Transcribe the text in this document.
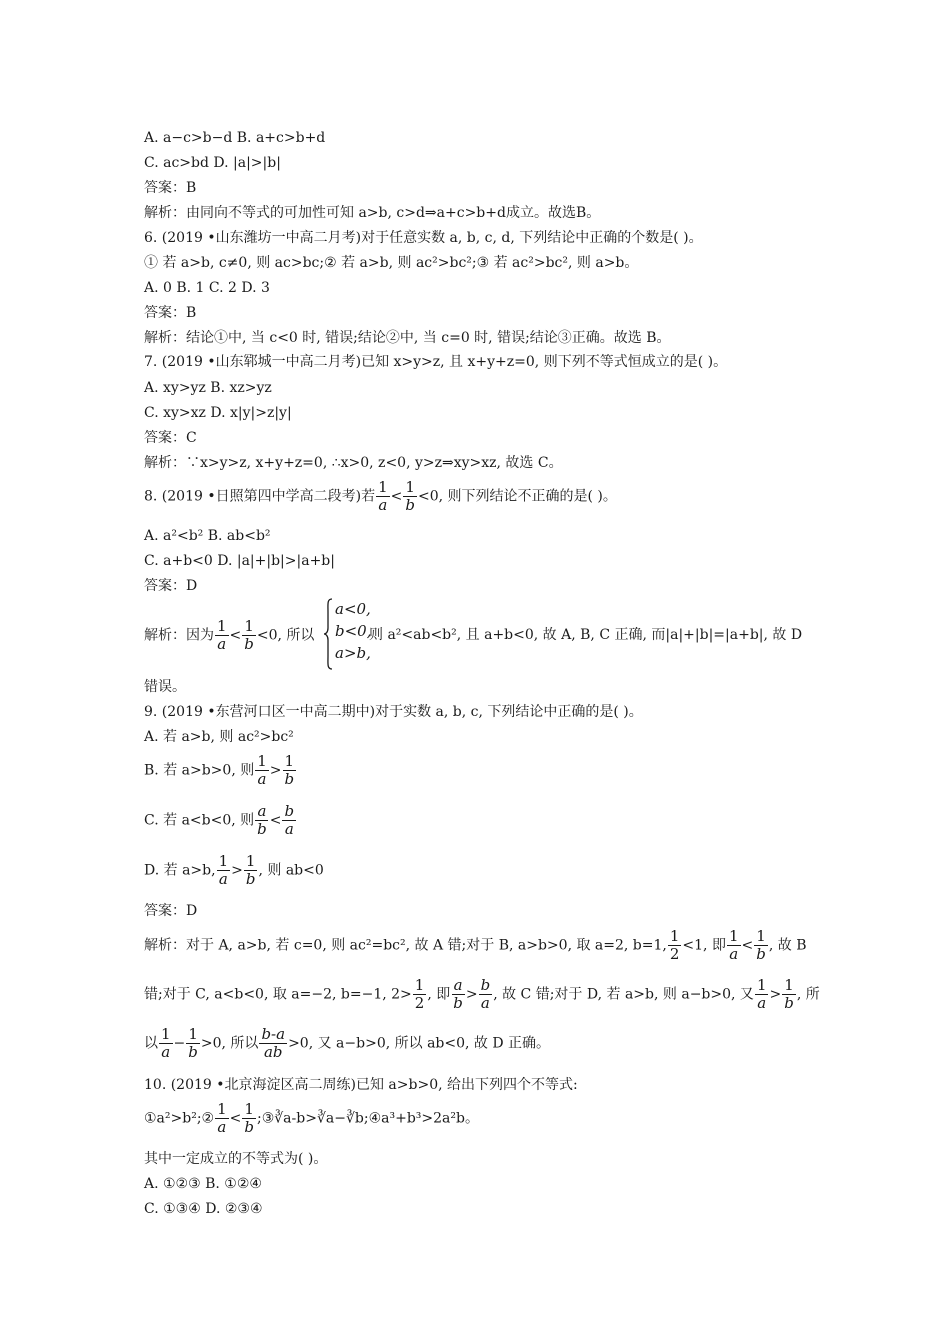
A. a−c>b−d B. a+c>b+d
C. ac>bd D. |a|>|b|
答案：B
解析：由同向不等式的可加性可知 a>b, c>d⇒a+c>b+d成立。故选B。
6. (2019 •山东潍坊一中高二月考)对于任意实数 a, b, c, d, 下列结论中正确的个数是( )。
① 若 a>b, c≠0, 则 ac>bc;② 若 a>b, 则 ac²>bc²;③ 若 ac²>bc², 则 a>b。
A. 0 B. 1 C. 2 D. 3
答案：B
解析：结论①中, 当 c<0 时, 错误;结论②中, 当 c=0 时, 错误;结论③正确。故选 B。
7. (2019 •山东郓城一中高二月考)已知 x>y>z, 且 x+y+z=0, 则下列不等式恒成立的是( )。
A. xy>yz B. xz>yz
C. xy>xz D. x|y|>z|y|
答案：C
解析：∵x>y>z, x+y+z=0, ∴x>0, z<0, y>z⇒xy>xz, 故选 C。
8. (2019 •日照第四中学高二段考)若 $\frac{1}{a} < \frac{1}{b} <0$, 则下列结论不正确的是( )。
A. a²<b² B. ab<b²
C. a+b<0 D. |a|+|b|>|a+b|
答案：D
解析：因为 $\frac{1}{a} < \frac{1}{b} <0$, 所以
a<0,
b<0,
a>b,
则 a²<ab<b², 且 a+b<0, 故 A, B, C 正确, 而|a|+|b|=|a+b|, 故 D
错误。
9. (2019 •东营河口区一中高二期中)对于实数 a, b, c, 下列结论中正确的是( )。
A. 若 a>b, 则 ac²>bc²
B. 若 a>b>0, 则 $\frac{1}{a} > \frac{1}{b}$
C. 若 a<b<0, 则 $\frac{a}{b} < \frac{b}{a}$
D. 若 a>b, $\frac{1}{a} > \frac{1}{b}$ , 则 ab<0
答案：D
解析：对于 A, a>b, 若 c=0, 则 ac²=bc², 故 A 错;对于 B, a>b>0, 取 a=2, b=1, $\frac{1}{2} <1$, 即 $\frac{1}{a} < \frac{1}{b}$ , 故 B
错;对于 C, a<b<0, 取 a=−2, b=−1, $2> \frac{1}{2}$ , 即 $\frac{a}{b} > \frac{b}{a}$ , 故 C 错;对于 D, 若 a>b, 则 a−b>0, 又 $\frac{1}{a} > \frac{1}{b}$ , 所
以 $\frac{1}{a} - \frac{1}{b} >0$, 所以 $\frac{b-a}{ab} >0$, 又 a−b>0, 所以 ab<0, 故 D 正确。
10. (2019 •北京海淀区高二周练)已知 a>b>0, 给出下列四个不等式:
①a²>b²;② $\frac{1}{a} < \frac{1}{b}$ ;③∛a-b>∛a−∛b;④a³+b³>2a²b。
其中一定成立的不等式为( )。
A. ①②③ B. ①②④
C. ①③④ D. ②③④
